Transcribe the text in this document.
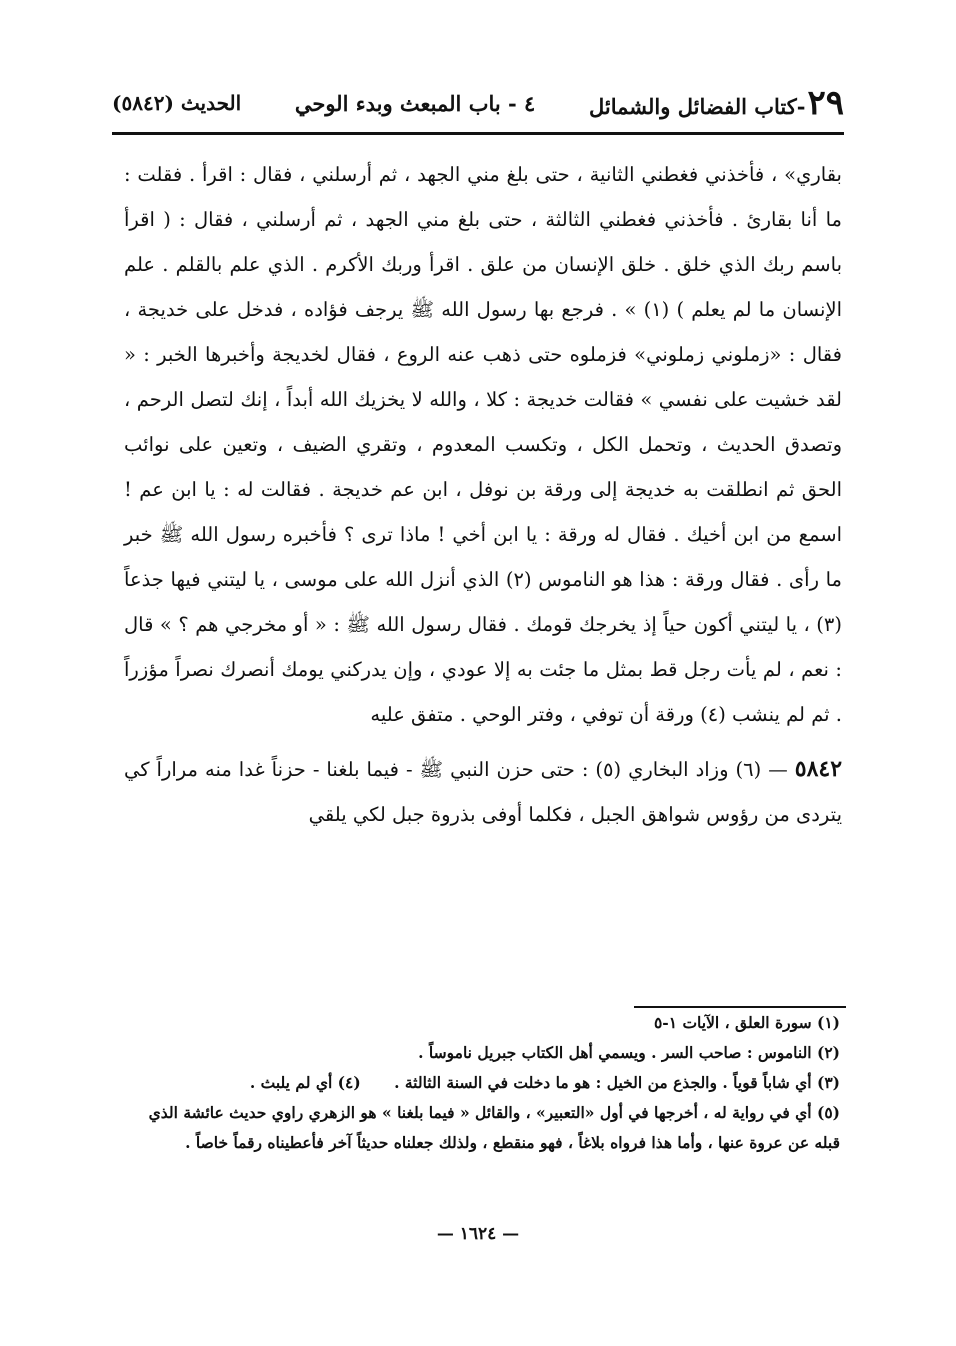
٢٩
-كتاب الفضائل والشمائل
٤ - باب المبعث وبدء الوحي
الحديث (٥٨٤٢)

بقاري» ، فأخذني فغطني الثانية ، حتى بلغ مني الجهد ، ثم أرسلني ، فقال : اقرأ . فقلت : ما أنا بقارئ . فأخذني فغطني الثالثة ، حتى بلغ مني الجهد ، ثم أرسلني ، فقال : ( اقرأ باسم ربك الذي خلق . خلق الإنسان من علق . اقرأ وربك الأكرم . الذي علم بالقلم . علم الإنسان ما لم يعلم ) (١) » . فرجع بها رسول الله ﷺ يرجف فؤاده ، فدخل على خديجة ، فقال : «زملوني زملوني» فزملوه حتى ذهب عنه الروع ، فقال لخديجة وأخبرها الخبر : « لقد خشيت على نفسي » فقالت خديجة : كلا ، والله لا يخزيك الله أبداً ، إنك لتصل الرحم ، وتصدق الحديث ، وتحمل الكل ، وتكسب المعدوم ، وتقري الضيف ، وتعين على نوائب الحق ثم انطلقت به خديجة إلى ورقة بن نوفل ، ابن عم خديجة . فقالت له : يا ابن عم ! اسمع من ابن أخيك . فقال له ورقة : يا ابن أخي ! ماذا ترى ؟ فأخبره رسول الله ﷺ خبر ما رأى . فقال ورقة : هذا هو الناموس (٢) الذي أنزل الله على موسى ، يا ليتني فيها جذعاً (٣) ، يا ليتني أكون حياً إذ يخرجك قومك . فقال رسول الله ﷺ : « أو مخرجي هم ؟ » قال : نعم ، لم يأت رجل قط بمثل ما جئت به إلا عودي ، وإن يدركني يومك أنصرك نصراً مؤزراً . ثم لم ينشب (٤) ورقة أن توفي ، وفتر الوحي . متفق عليه

٥٨٤٢ — (٦) وزاد البخاري (٥) : حتى حزن النبي ﷺ - فيما بلغنا - حزناً غدا منه مراراً كي يتردى من رؤوس شواهق الجبل ، فكلما أوفى بذروة جبل لكي يلقي

(١) سورة العلق ، الآيات ١-٥

(٢) الناموس : صاحب السر . ويسمي أهل الكتاب جبريل ناموساً .

(٣) أي شاباً قوياً . والجذع من الخيل : هو ما دخلت في السنة الثالثة . (٤) أي لم يلبث .

(٥) أي في رواية له ، أخرجها في أول «التعبير» ، والقائل « فيما بلغنا » هو الزهري راوي حديث عائشة الذي قبله عن عروة عنها ، وأما هذا فرواه بلاغاً ، فهو منقطع ، ولذلك جعلناه حديثاً آخر فأعطيناه رقماً خاصاً .

— ١٦٢٤ —
